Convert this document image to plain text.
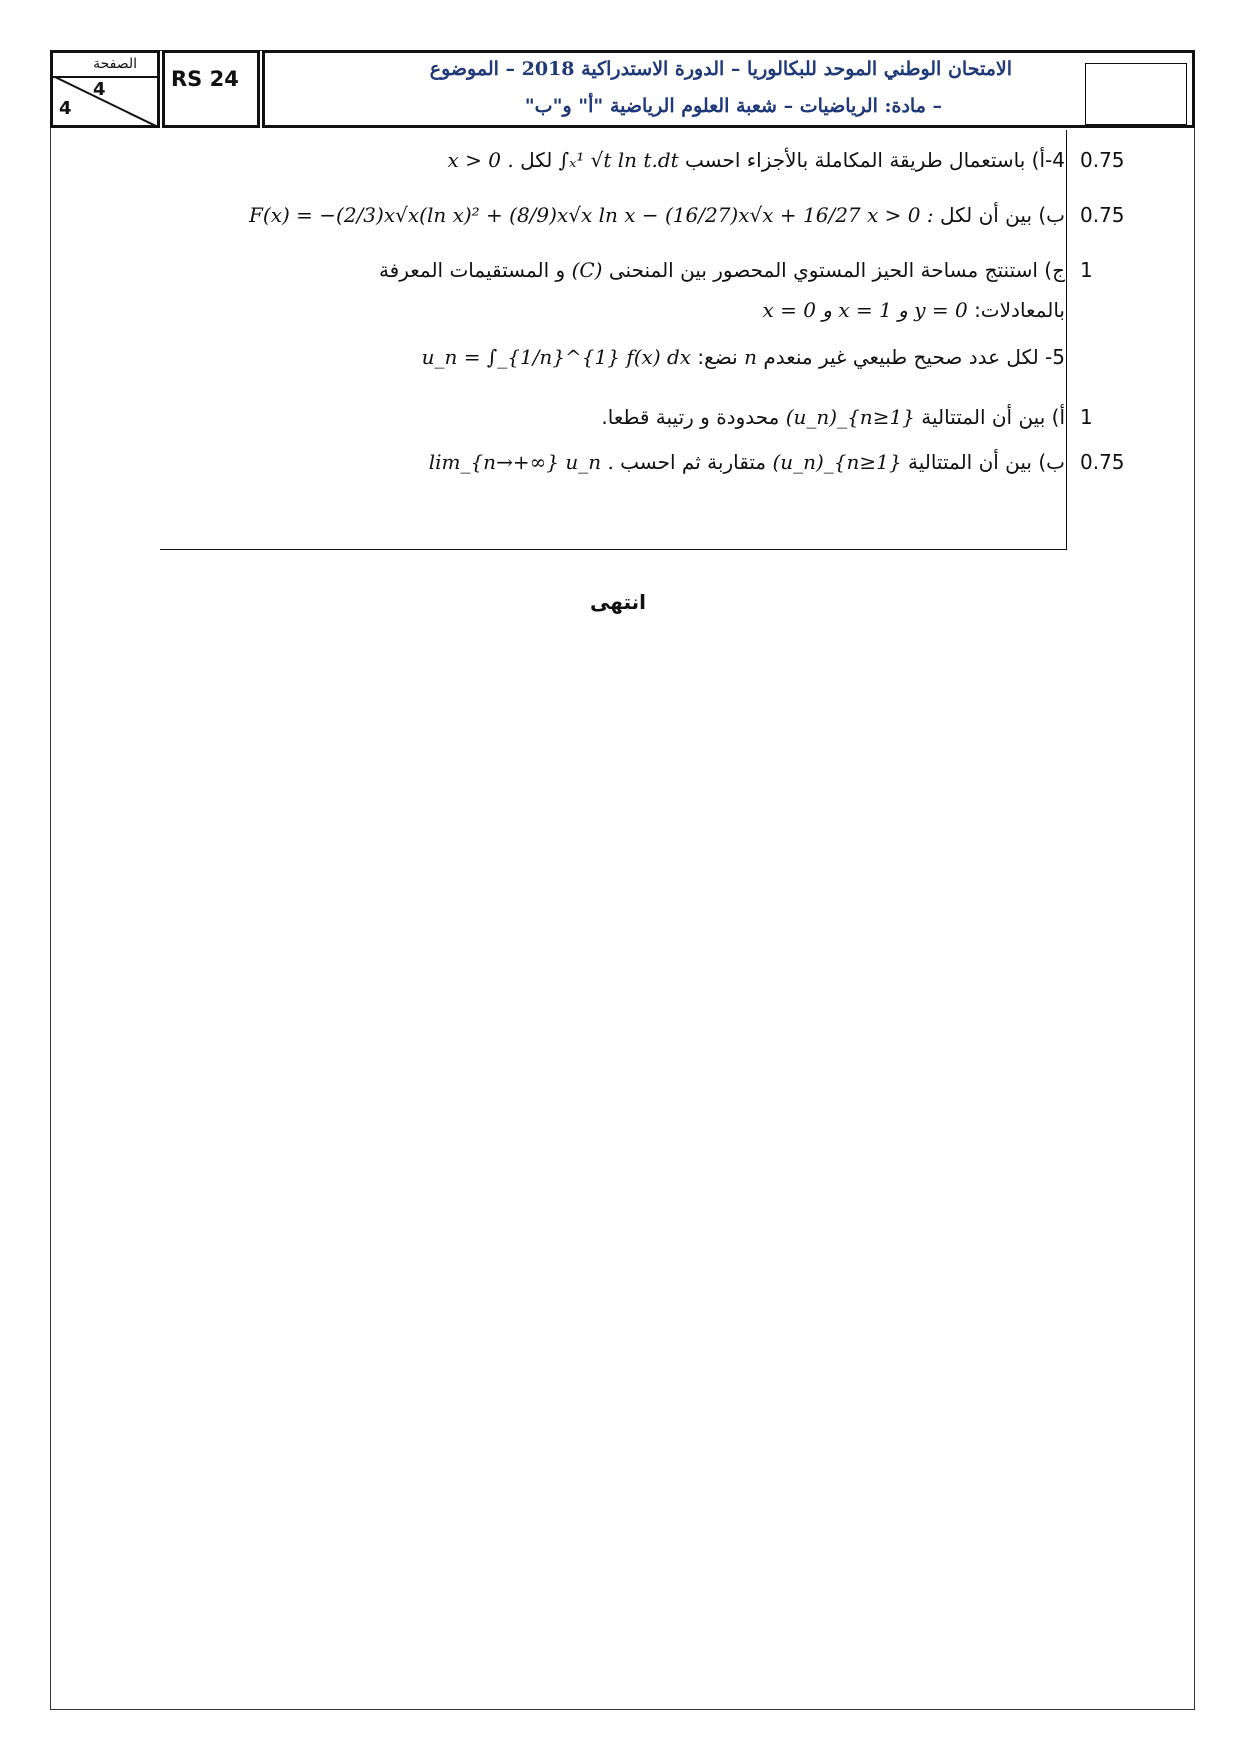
الصفحة
4
4
RS 24	الامتحان الوطني الموحد للبكالوريا – الدورة الاستدراكية 2018 – الموضوع
– مادة: الرياضيات – شعبة العلوم الرياضية "أ" و"ب"
0.75
4-أ) باستعمال طريقة المكاملة بالأجزاء احسب ∫ₓ¹ √t ln t.dt لكل x > 0 .
0.75
ب) بين أن لكل x > 0 : F(x) = −(2/3)x√x(ln x)² + (8/9)x√x ln x − (16/27)x√x + 16/27
1
ج) استنتج مساحة الحيز المستوي المحصور بين المنحنى (C) و المستقيمات المعرفة
بالمعادلات: x = 0 و x = 1 و y = 0
5- لكل عدد صحيح طبيعي غير منعدم n نضع: u_n = ∫_{1/n}^{1} f(x) dx
1
أ) بين أن المتتالية (u_n)_{n≥1} محدودة و رتيبة قطعا.
0.75
ب) بين أن المتتالية (u_n)_{n≥1} متقاربة ثم احسب lim_{n→+∞} u_n .
انتهى
